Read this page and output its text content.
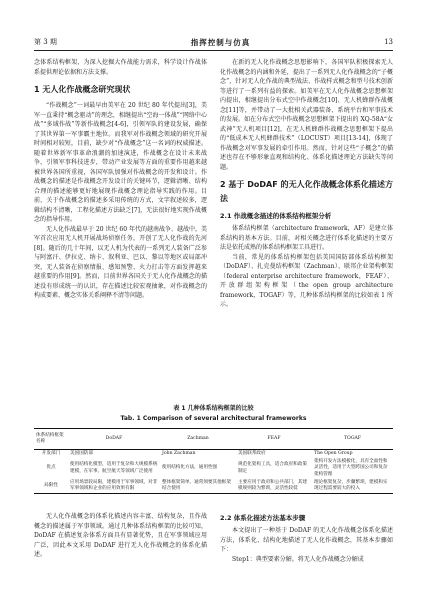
第 3 期	指挥控制与仿真	13

念体系结构框架，为深入挖掘大作战能力需求，科学设计作战体系提供理论依据和方法支撑。

1 无人化作战概念研究现状

“作战概念”一词最早由美军在 20 世纪 80 年代提出[3]，美军一直秉持“概念驱动”的理念，相继提出“空海一体战”“网络中心战”“多域作战”等新作战概念[4-6]，引领军队的建设发展，确保了其世界第一军事霸主地位。而我军对作战概念领域的研究开展时间相对较短，目前，缺少对“作战概念”这一名词的权威描述。随着世界新军事革命浪潮的加速演进，作战概念在设计未来战争，引领军事科技进步，带动产业发展等方面的重要作用越来越被世界各国所重视，各国军队加强对作战概念的开发和设计。作战概念的描述是作战概念开发设计的关键环节，逻辑清晰、结构合理的描述能够更好地展现作战概念理论指导实践的作用。目前，关于作战概念的描述多采用传统的方式，文字叙述较多，逻辑结构不清晰，工程化描述方法缺乏[7]，无法很好地实现作战概念的指导作用。

无人化作战最早于 20 世纪 60 年代的越南战争、越战中，美军首次应用无人机开展战场侦察任务，开创了无人化作战的先河[8]。随后的几十年间，以无人机为代表的一系列无人装备广泛参与阿富汗、伊拉克、纳卡、叙利亚、巴以、黎以等地区或局部冲突，无人装备在侦察情报、感知预警、火力打击等方面发挥越来越重要的作用[9]。然而，目前世界各国关于无人化作战概念的描述没有形成统一的认识，存在描述比较宏观抽象，对作战概念的构成要素、概念实体关系阐释不清等问题。

在新的无人化作战概念思想影响下，各国军队积极探索无人化作战概念的内涵和外延，提出了一系列无人化作战概念的“子概念”，针对无人化作战的典型战法、作战样式概念和型号技术创新等进行了一系列有益的探索。如美军在无人化作战概念思想框架内提出，相继提出分布式空中作战概念[10]、无人机蜂群作战概念[11]等，并带动了一大批相关武器装备、系统平台和军事技术的发展。如在分布式空中作战概念思想框架下提出的 XQ-58A“女武神”无人机项目[12]，在无人机蜂群作战概念思想框架下提出的“低成本无人机蜂群技术”（LOCUST）项目[13-14]，体现了作战概念对军事发展的牵引作用。然而，针对这些“子概念”的描述也存在不够形象直观和结构化、体系化描述理论方法缺失等问题。

2 基于 DoDAF 的无人化作战概念体系化描述方法
2.1 作战概念描述的体系结构框架分析

体系结构框架（architecture framework，AF）是建立体系结构的基本方法。目前，对相关概念进行体系化描述的主要方法是依托成熟的体系结构框架工具进行。

当前，常见的体系结构框架包括美国国防部体系结构框架（DoDAF）、扎克曼结构框架（Zachman）、联邦企业架构框架（federal enterprise architecture framework，FEAF）、开放群组架构框架（the open group architecture framework，TOGAF）等，几种体系结构框架的比较如表 1 所示。

表 1 几种体系结构框架的比较
Tab. 1 Comparison of several architectural frameworks
体系结构框架名称	DoDAF	Zachman	FEAF	TOGAF
开发部门	美国国防部	John Zachman	美国联邦政府	The Open Group
优点	使用结构化模型，适用于复杂和大规模系统建模，在军事、航空航天等领域广泛使用	使用结构化方法，通用性强	规范化架构工具，适合政府和政策制定	架构开发方法模板化，具有全面性和灵活性，适用于大型跨国公司和复杂架构管理
局限性	应用场景较局限，建模用于军事领域，对非军事领域和企业的应用效果有限	整体框架简单，通常须要其他框架结合使用	主要应用于政府和公共部门，其建模规则较为繁琐，灵活性较低	理论框架复杂，步骤繁琐，建模和实现过程需要较大的投入

无人化作战概念的体系化描述内容丰富、结构复杂，且作战概念的描述属于军事领域。通过几种体系结构框架的比较可知，DoDAF 在描述复杂体系方面具有显著优势，且在军事领域应用广泛，因此本文采用 DoDAF 进行无人化作战概念的体系化描述。

2.2 体系化描述方法基本步骤

本文提出了一种基于 DoDAF 的无人化作战概念体系化描述方法，体系化、结构化地描述了无人化作战概念，其基本步骤如下：

Step1：典型要素分解。将无人化作战概念分解成
